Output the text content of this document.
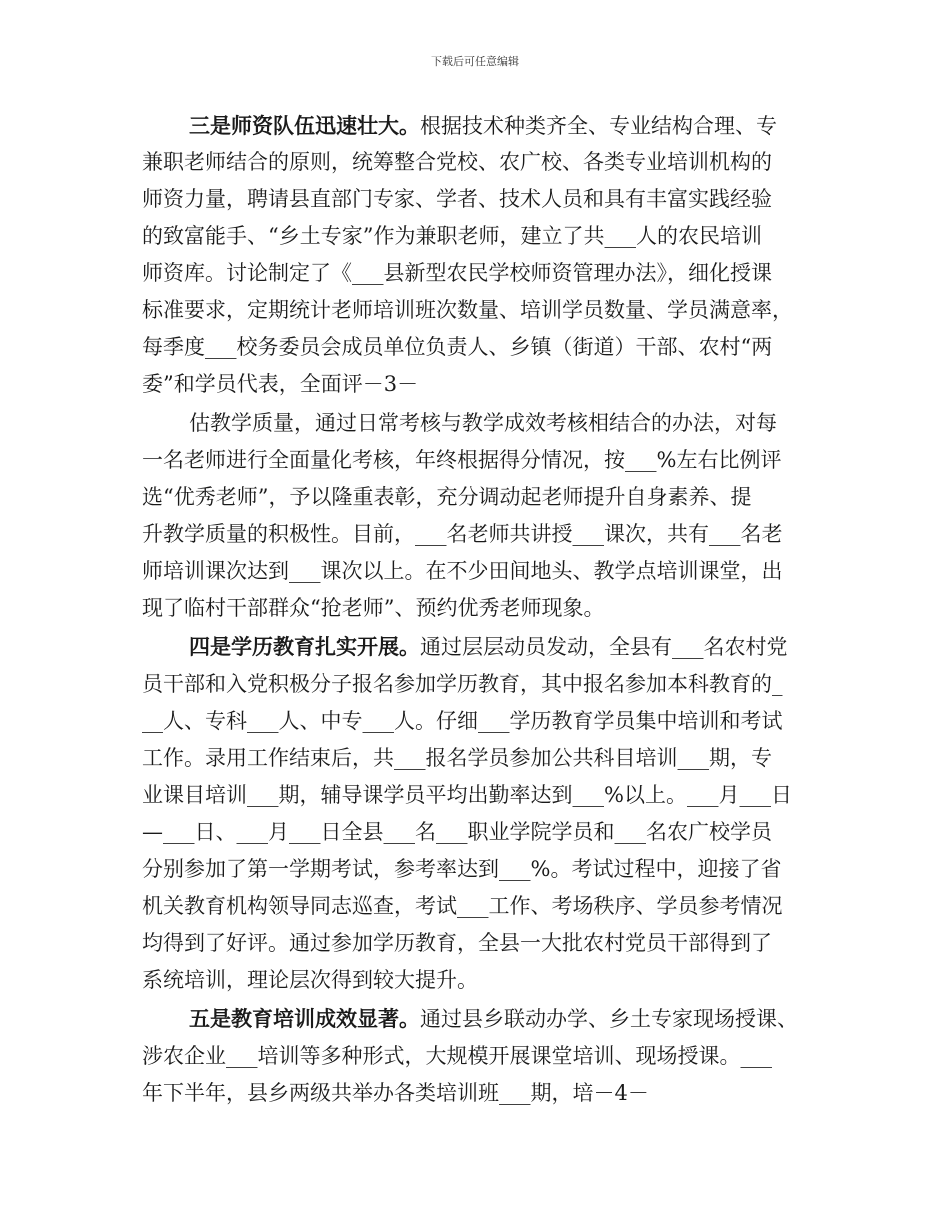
下载后可任意编辑
三是师资队伍迅速壮大。根据技术种类齐全、专业结构合理、专
兼职老师结合的原则，统筹整合党校、农广校、各类专业培训机构的
师资力量，聘请县直部门专家、学者、技术人员和具有丰富实践经验
的致富能手、“乡土专家”作为兼职老师，建立了共___人的农民培训
师资库。讨论制定了《___县新型农民学校师资管理办法》，细化授课
标准要求，定期统计老师培训班次数量、培训学员数量、学员满意率，
每季度___校务委员会成员单位负责人、乡镇（街道）干部、农村“两
委”和学员代表，全面评－3－
估教学质量，通过日常考核与教学成效考核相结合的办法，对每
一名老师进行全面量化考核，年终根据得分情况，按___%左右比例评
选“优秀老师”，予以隆重表彰，充分调动起老师提升自身素养、提
升教学质量的积极性。目前，___名老师共讲授___课次，共有___名老
师培训课次达到___课次以上。在不少田间地头、教学点培训课堂，出
现了临村干部群众“抢老师”、预约优秀老师现象。
四是学历教育扎实开展。通过层层动员发动，全县有___名农村党
员干部和入党积极分子报名参加学历教育，其中报名参加本科教育的_
__人、专科___人、中专___人。仔细___学历教育学员集中培训和考试
工作。录用工作结束后，共___报名学员参加公共科目培训___期，专
业课目培训___期，辅导课学员平均出勤率达到___%以上。___月___日
—___日、___月___日全县___名___职业学院学员和___名农广校学员
分别参加了第一学期考试，参考率达到___%。考试过程中，迎接了省
机关教育机构领导同志巡查，考试___工作、考场秩序、学员参考情况
均得到了好评。通过参加学历教育，全县一大批农村党员干部得到了
系统培训，理论层次得到较大提升。
五是教育培训成效显著。通过县乡联动办学、乡土专家现场授课、
涉农企业___培训等多种形式，大规模开展课堂培训、现场授课。___
年下半年，县乡两级共举办各类培训班___期，培－4－
